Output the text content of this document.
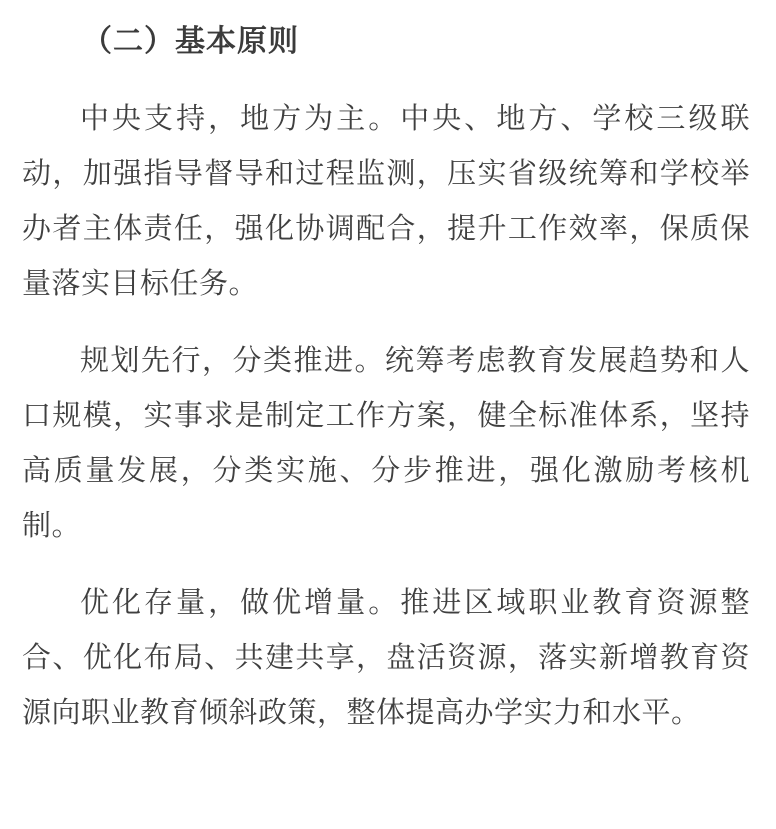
（二）基本原则

中央支持，地方为主。中央、地方、学校三级联动，加强指导督导和过程监测，压实省级统筹和学校举办者主体责任，强化协调配合，提升工作效率，保质保量落实目标任务。

规划先行，分类推进。统筹考虑教育发展趋势和人口规模，实事求是制定工作方案，健全标准体系，坚持高质量发展，分类实施、分步推进，强化激励考核机制。

优化存量，做优增量。推进区域职业教育资源整合、优化布局、共建共享，盘活资源，落实新增教育资源向职业教育倾斜政策，整体提高办学实力和水平。
